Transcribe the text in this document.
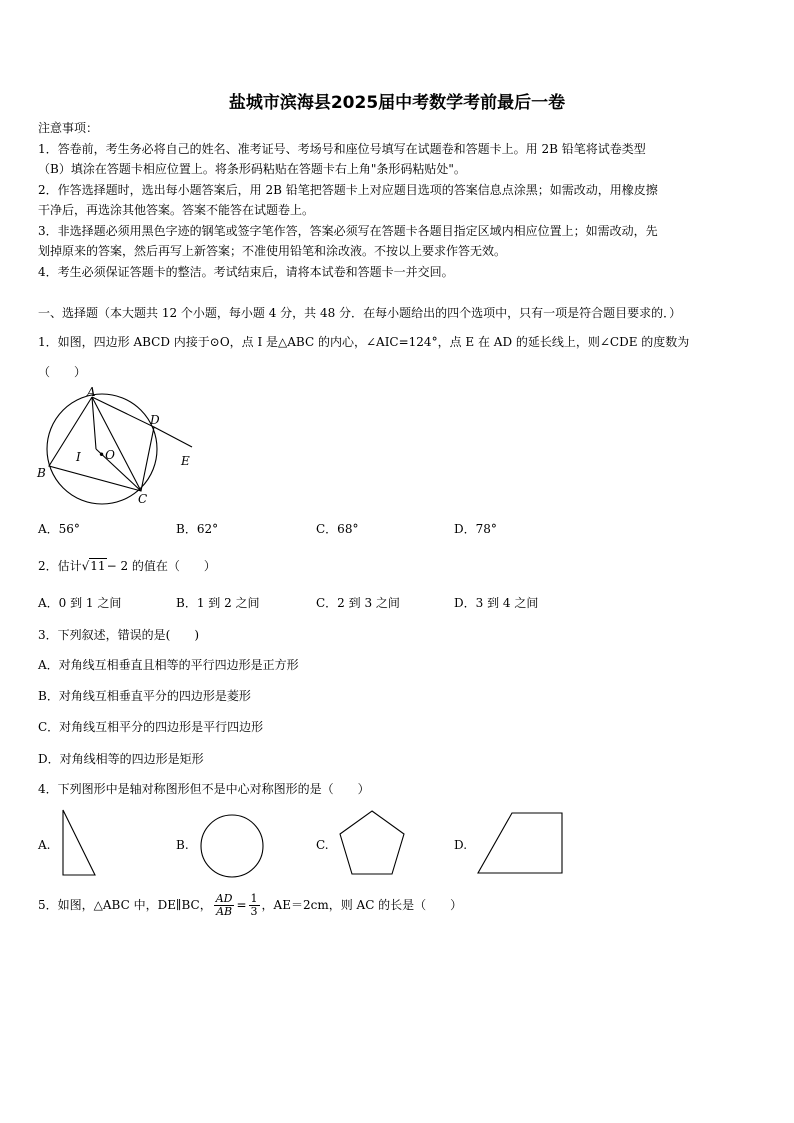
盐城市滨海县2025届中考数学考前最后一卷
注意事项：
1．答卷前，考生务必将自己的姓名、准考证号、考场号和座位号填写在试题卷和答题卡上。用 2B 铅笔将试卷类型
（B）填涂在答题卡相应位置上。将条形码粘贴在答题卡右上角"条形码粘贴处"。
2．作答选择题时，选出每小题答案后，用 2B 铅笔把答题卡上对应题目选项的答案信息点涂黑；如需改动，用橡皮擦
干净后，再选涂其他答案。答案不能答在试题卷上。
3．非选择题必须用黑色字迹的钢笔或签字笔作答，答案必须写在答题卡各题目指定区域内相应位置上；如需改动，先
划掉原来的答案，然后再写上新答案；不准使用铅笔和涂改液。不按以上要求作答无效。
4．考生必须保证答题卡的整洁。考试结束后，请将本试卷和答题卡一并交回。
一、选择题（本大题共 12 个小题，每小题 4 分，共 48 分．在每小题给出的四个选项中，只有一项是符合题目要求的．）
1．如图，四边形 ABCD 内接于⊙O，点 I 是△ABC 的内心，∠AIC=124°，点 E 在 AD 的延长线上，则∠CDE 的度数为
（　　）
A
B
C
D
E
I •O
A．56°	B．62°	C．68°	D．78°
2．估计√11− 2 的值在（　　）
A．0 到 1 之间	B．1 到 2 之间	C．2 到 3 之间	D．3 到 4 之间
3．下列叙述，错误的是(　　)
A．对角线互相垂直且相等的平行四边形是正方形
B．对角线互相垂直平分的四边形是菱形
C．对角线互相平分的四边形是平行四边形
D．对角线相等的四边形是矩形
4．下列图形中是轴对称图形但不是中心对称图形的是（　　）
A.	B.	C.	D.
5．如图，△ABC 中，DE∥BC， $\frac{AD}{AB} = \frac{1}{3}$ ，AE＝2cm，则 AC 的长是（　　）
